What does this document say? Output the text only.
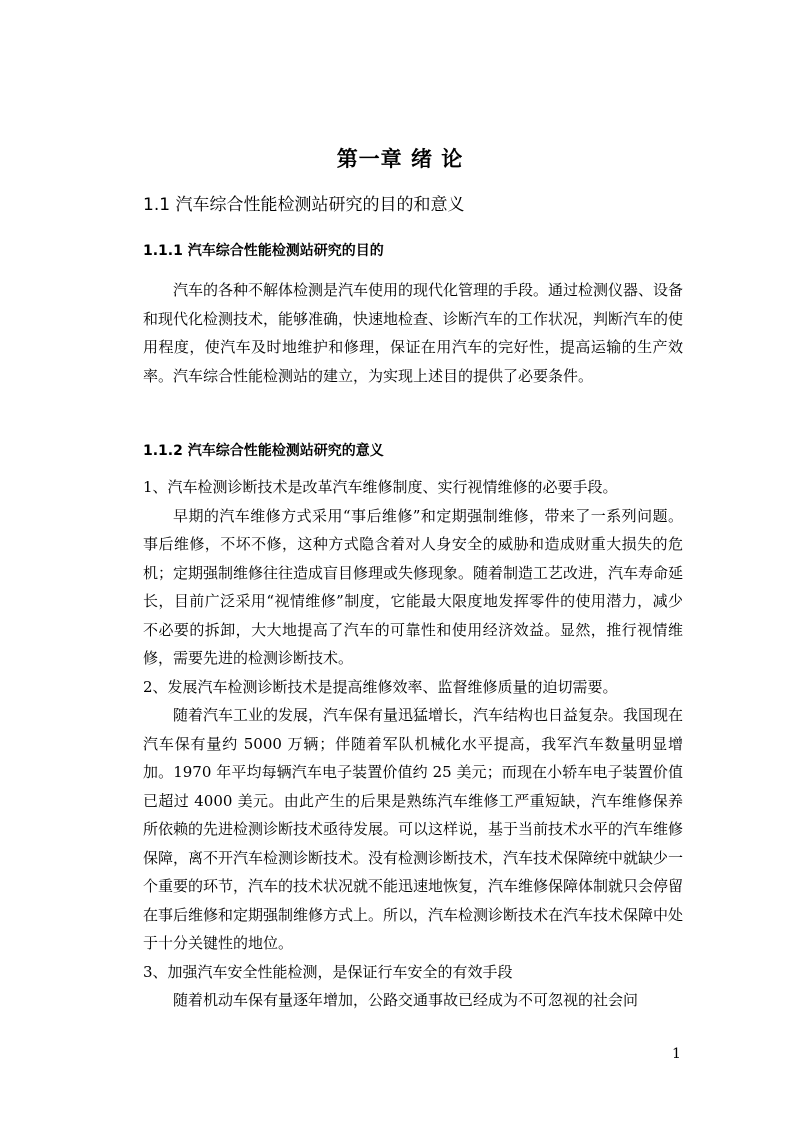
第一章 绪 论
1.1 汽车综合性能检测站研究的目的和意义
1.1.1 汽车综合性能检测站研究的目的

汽车的各种不解体检测是汽车使用的现代化管理的手段。通过检测仪器、设备和现代化检测技术，能够准确，快速地检查、诊断汽车的工作状况，判断汽车的使用程度，使汽车及时地维护和修理，保证在用汽车的完好性，提高运输的生产效率。汽车综合性能检测站的建立，为实现上述目的提供了必要条件。

1.1.2 汽车综合性能检测站研究的意义

1、汽车检测诊断技术是改革汽车维修制度、实行视情维修的必要手段。

早期的汽车维修方式采用“事后维修”和定期强制维修，带来了一系列问题。事后维修，不坏不修，这种方式隐含着对人身安全的威胁和造成财重大损失的危机；定期强制维修往往造成盲目修理或失修现象。随着制造工艺改进，汽车寿命延长，目前广泛采用“视情维修”制度，它能最大限度地发挥零件的使用潜力，减少不必要的拆卸，大大地提高了汽车的可靠性和使用经济效益。显然，推行视情维修，需要先进的检测诊断技术。

2、发展汽车检测诊断技术是提高维修效率、监督维修质量的迫切需要。

随着汽车工业的发展，汽车保有量迅猛增长，汽车结构也日益复杂。我国现在汽车保有量约 5000 万辆；伴随着军队机械化水平提高，我军汽车数量明显增加。1970 年平均每辆汽车电子装置价值约 25 美元；而现在小轿车电子装置价值已超过 4000 美元。由此产生的后果是熟练汽车维修工严重短缺，汽车维修保养所依赖的先进检测诊断技术亟待发展。可以这样说，基于当前技术水平的汽车维修保障，离不开汽车检测诊断技术。没有检测诊断技术，汽车技术保障统中就缺少一个重要的环节，汽车的技术状况就不能迅速地恢复，汽车维修保障体制就只会停留在事后维修和定期强制维修方式上。所以，汽车检测诊断技术在汽车技术保障中处于十分关键性的地位。

3、加强汽车安全性能检测，是保证行车安全的有效手段

随着机动车保有量逐年增加，公路交通事故已经成为不可忽视的社会问

1
